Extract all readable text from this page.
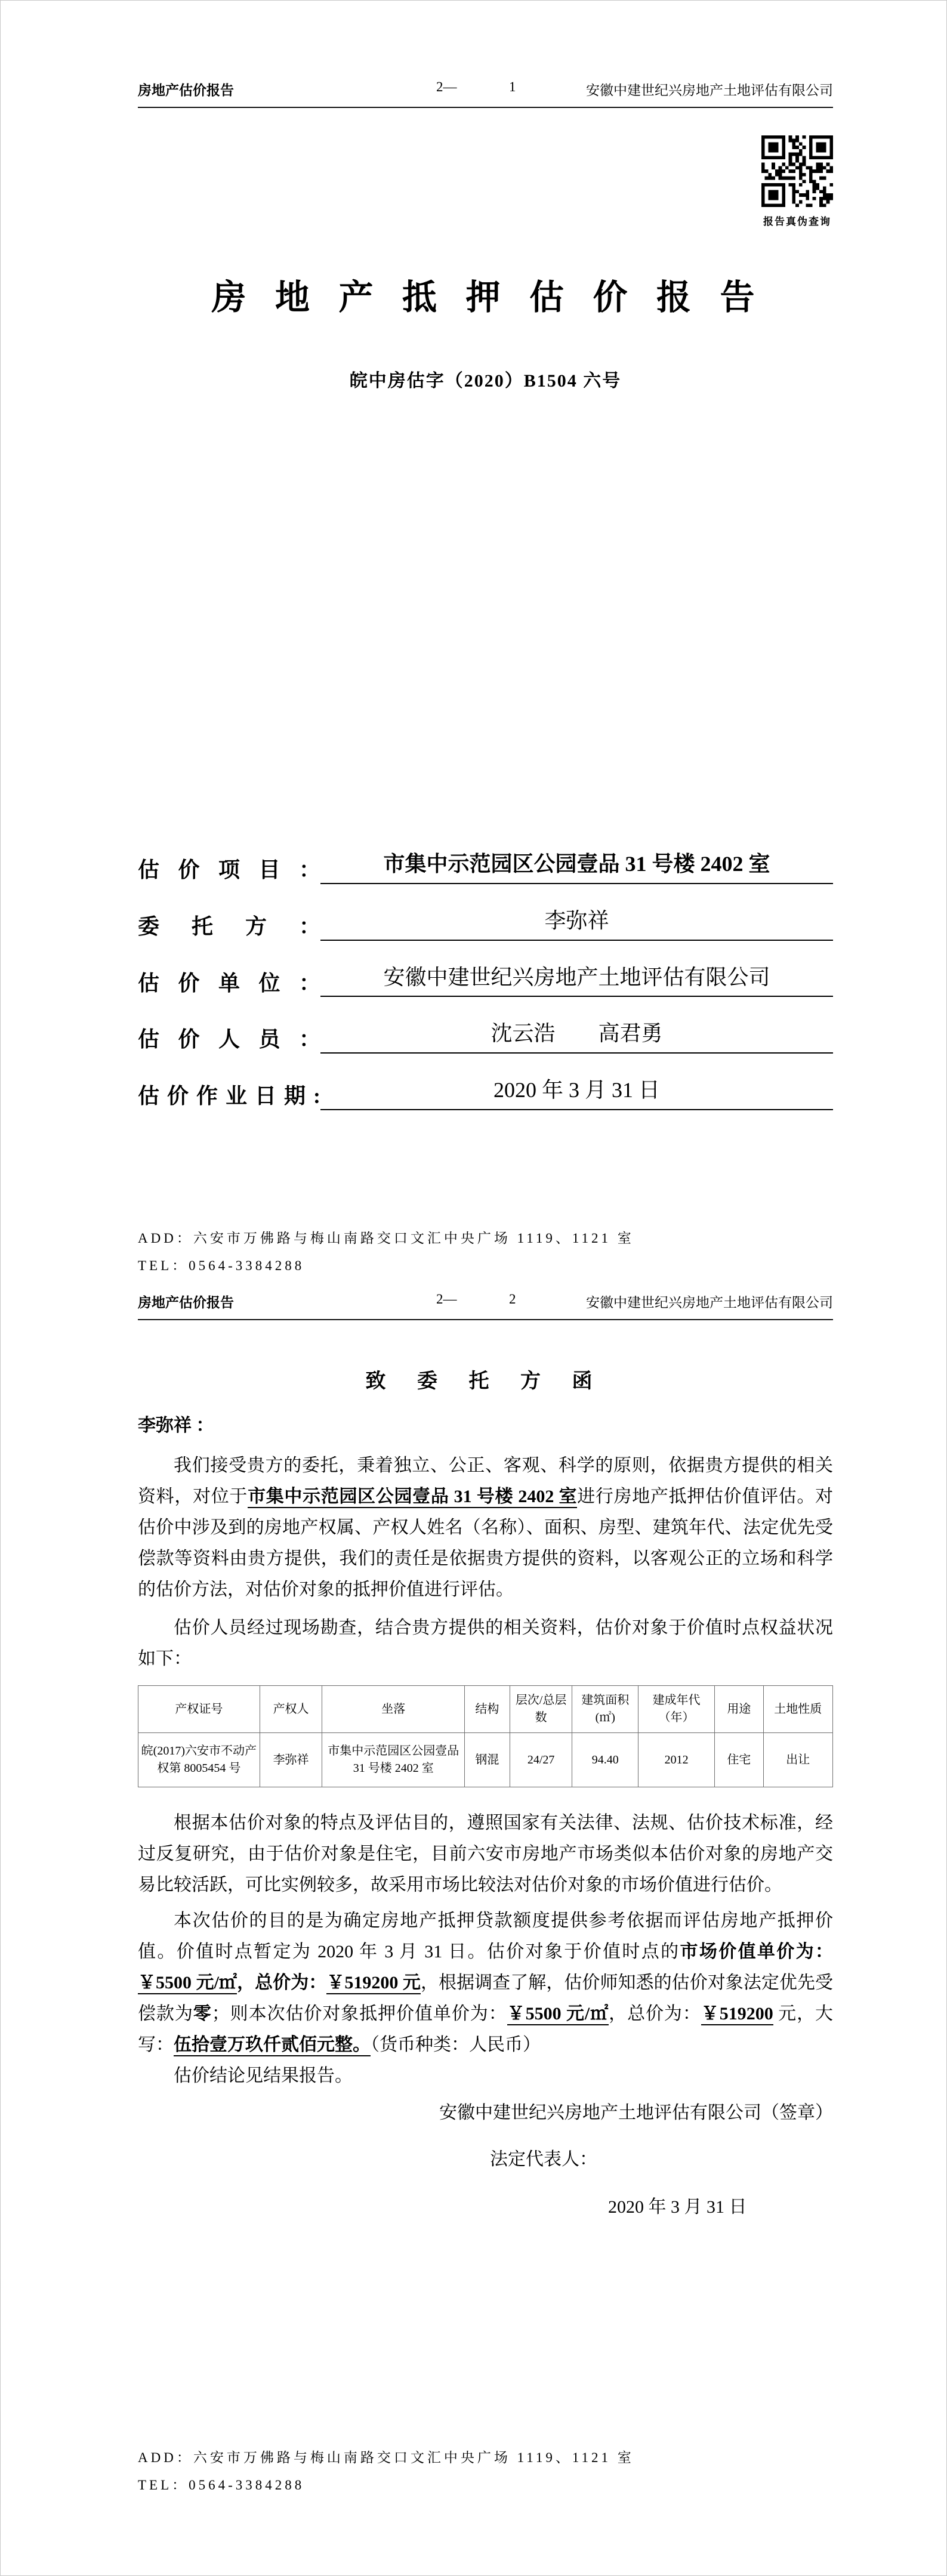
房地产估价报告	2—	1	安徽中建世纪兴房地产土地评估有限公司
报告真伪查询
房 地 产 抵 押 估 价 报 告
皖中房估字（2020）B1504 六号
估价项目：	市集中示范园区公园壹品 31 号楼 2402 室
委托方：	李弥祥
估价单位：	安徽中建世纪兴房地产土地评估有限公司
估价人员：	沈云浩　　高君勇
估价作业日期:	2020 年 3 月 31 日
ADD：六安市万佛路与梅山南路交口文汇中央广场 1119、1121 室
TEL：0564-3384288
房地产估价报告	2—	2	安徽中建世纪兴房地产土地评估有限公司
致 委 托 方 函
李弥祥 ：

我们接受贵方的委托，秉着独立、公正、客观、科学的原则，依据贵方提供的相关资料，对位于市集中示范园区公园壹品 31 号楼 2402 室进行房地产抵押估价值评估。对估价中涉及到的房地产权属、产权人姓名（名称）、面积、房型、建筑年代、法定优先受偿款等资料由贵方提供，我们的责任是依据贵方提供的资料，以客观公正的立场和科学的估价方法，对估价对象的抵押价值进行评估。

估价人员经过现场勘查，结合贵方提供的相关资料，估价对象于价值时点权益状况如下：

产权证号	产权人	坐落	结构	层次/总层数	建筑面积(㎡)	建成年代（年）	用途	土地性质
皖(2017)六安市不动产权第 8005454 号	李弥祥	市集中示范园区公园壹品 31 号楼 2402 室	钢混	24/27	94.40	2012	住宅	出让

根据本估价对象的特点及评估目的，遵照国家有关法律、法规、估价技术标准，经过反复研究，由于估价对象是住宅，目前六安市房地产市场类似本估价对象的房地产交易比较活跃，可比实例较多，故采用市场比较法对估价对象的市场价值进行估价。

本次估价的目的是为确定房地产抵押贷款额度提供参考依据而评估房地产抵押价值。价值时点暂定为 2020 年 3 月 31 日。估价对象于价值时点的市场价值单价为：￥5500 元/㎡，总价为：￥519200 元，根据调查了解，估价师知悉的估价对象法定优先受偿款为零；则本次估价对象抵押价值单价为：￥5500 元/㎡，总价为：￥519200 元，大写：伍拾壹万玖仟贰佰元整。（货币种类：人民币）

估价结论见结果报告。

安徽中建世纪兴房地产土地评估有限公司（签章）
法定代表人：
2020 年 3 月 31 日
ADD：六安市万佛路与梅山南路交口文汇中央广场 1119、1121 室
TEL：0564-3384288
